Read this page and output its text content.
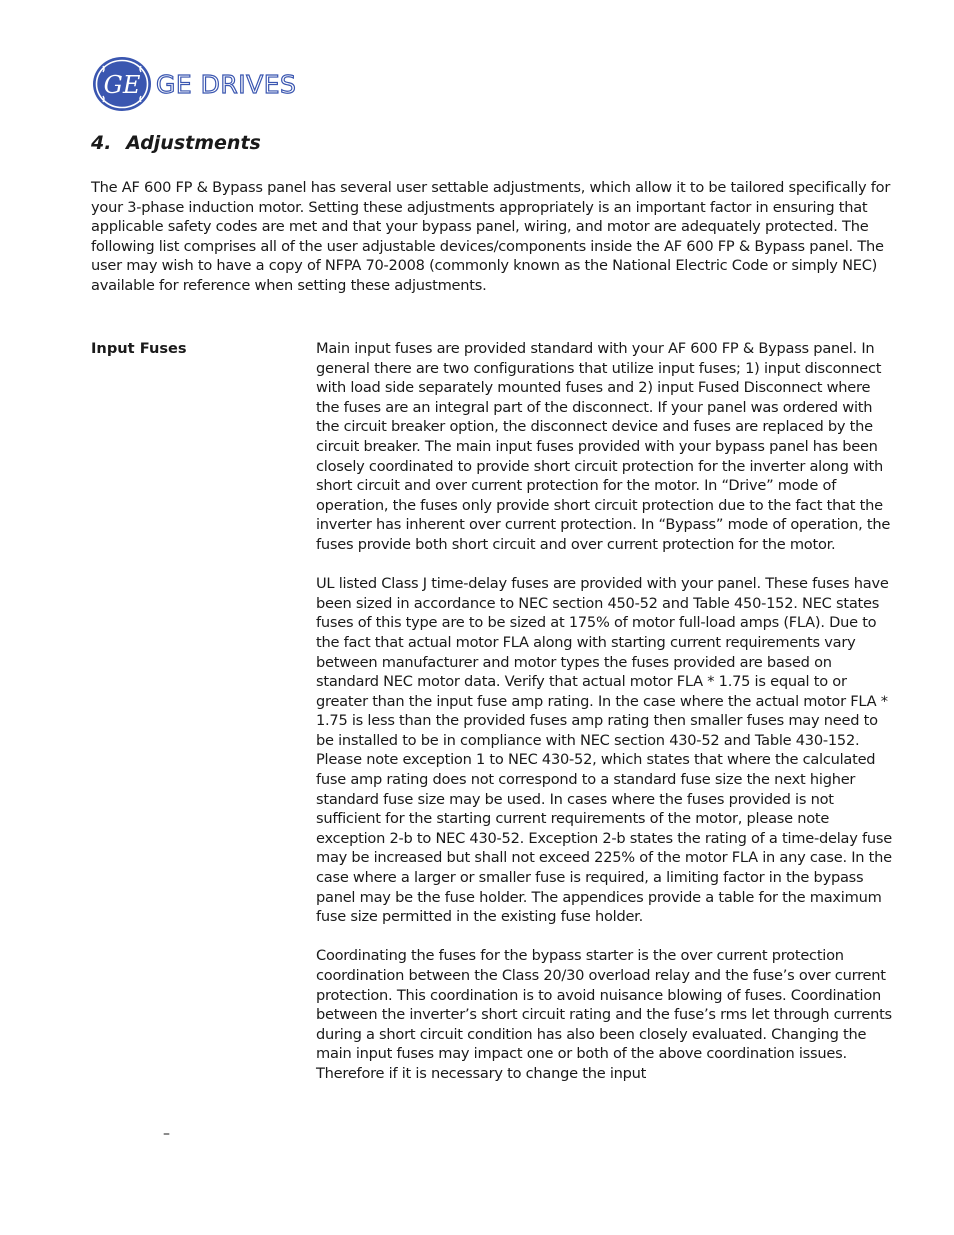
GE GE DRIVES
4. Adjustments

The AF 600 FP & Bypass panel has several user settable adjustments, which allow it to be tailored specifically for your 3-phase induction motor. Setting these adjustments appropriately is an important factor in ensuring that applicable safety codes are met and that your bypass panel, wiring, and motor are adequately protected. The following list comprises all of the user adjustable devices/components inside the AF 600 FP & Bypass panel. The user may wish to have a copy of NFPA 70-2008 (commonly known as the National Electric Code or simply NEC) available for reference when setting these adjustments.

Input Fuses	Main input fuses are provided standard with your AF 600 FP & Bypass panel. In general there are two configurations that utilize input fuses; 1) input disconnect with load side separately mounted fuses and 2) input Fused Disconnect where the fuses are an integral part of the disconnect. If your panel was ordered with the circuit breaker option, the disconnect device and fuses are replaced by the circuit breaker. The main input fuses provided with your bypass panel has been closely coordinated to provide short circuit protection for the inverter along with short circuit and over current protection for the motor. In “Drive” mode of operation, the fuses only provide short circuit protection due to the fact that the inverter has inherent over current protection. In “Bypass” mode of operation, the fuses provide both short circuit and over current protection for the motor.

UL listed Class J time-delay fuses are provided with your panel. These fuses have been sized in accordance to NEC section 450-52 and Table 450-152. NEC states fuses of this type are to be sized at 175% of motor full-load amps (FLA). Due to the fact that actual motor FLA along with starting current requirements vary between manufacturer and motor types the fuses provided are based on standard NEC motor data. Verify that actual motor FLA * 1.75 is equal to or greater than the input fuse amp rating. In the case where the actual motor FLA * 1.75 is less than the provided fuses amp rating then smaller fuses may need to be installed to be in compliance with NEC section 430-52 and Table 430-152. Please note exception 1 to NEC 430-52, which states that where the calculated fuse amp rating does not correspond to a standard fuse size the next higher standard fuse size may be used. In cases where the fuses provided is not sufficient for the starting current requirements of the motor, please note exception 2-b to NEC 430-52. Exception 2-b states the rating of a time-delay fuse may be increased but shall not exceed 225% of the motor FLA in any case. In the case where a larger or smaller fuse is required, a limiting factor in the bypass panel may be the fuse holder. The appendices provide a table for the maximum fuse size permitted in the existing fuse holder.

Coordinating the fuses for the bypass starter is the over current protection coordination between the Class 20/30 overload relay and the fuse’s over current protection. This coordination is to avoid nuisance blowing of fuses. Coordination between the inverter’s short circuit rating and the fuse’s rms let through currents during a short circuit condition has also been closely evaluated. Changing the main input fuses may impact one or both of the above coordination issues. Therefore if it is necessary to change the input

–
